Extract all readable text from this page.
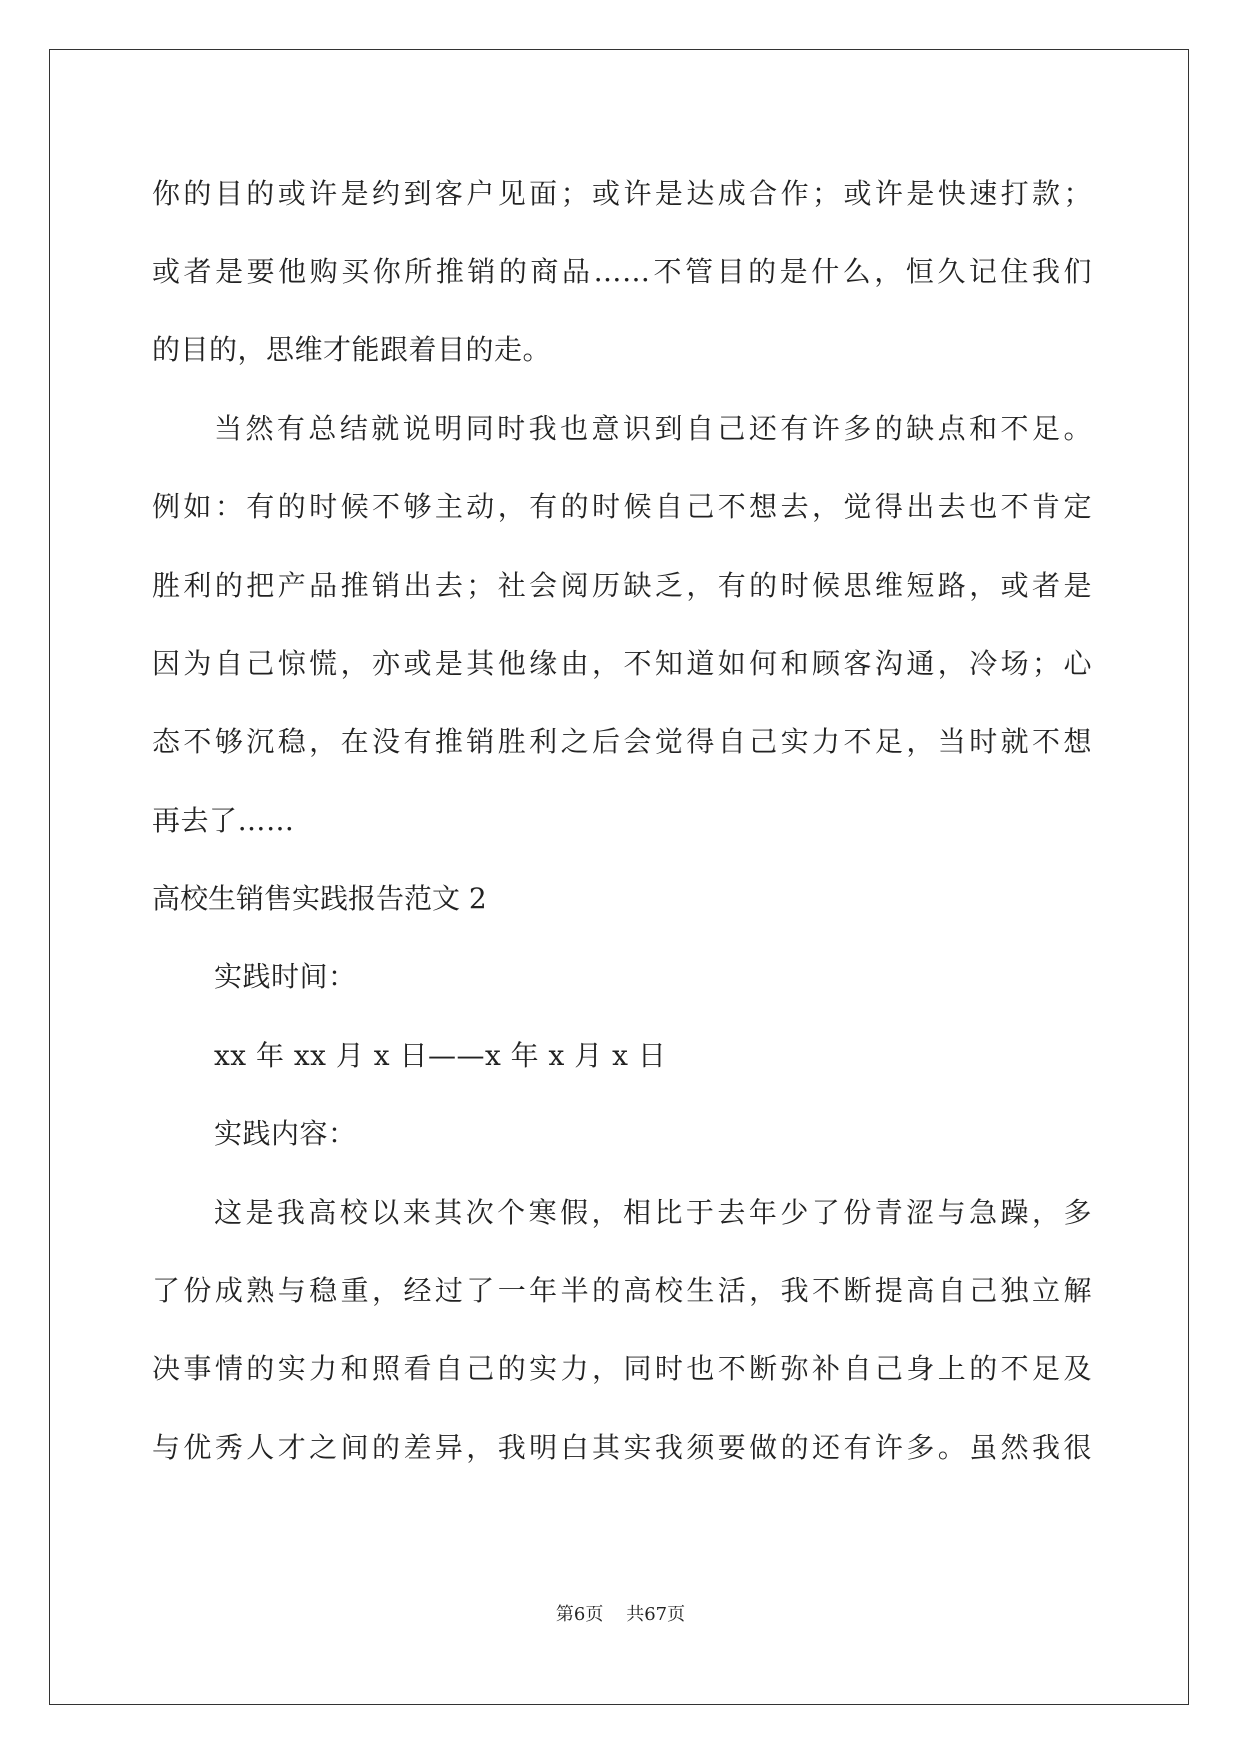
你的目的或许是约到客户见面；或许是达成合作；或许是快速打款；
或者是要他购买你所推销的商品……不管目的是什么，恒久记住我们
的目的，思维才能跟着目的走。
当然有总结就说明同时我也意识到自己还有许多的缺点和不足。
例如：有的时候不够主动，有的时候自己不想去，觉得出去也不肯定
胜利的把产品推销出去；社会阅历缺乏，有的时候思维短路，或者是
因为自己惊慌，亦或是其他缘由，不知道如何和顾客沟通，冷场；心
态不够沉稳，在没有推销胜利之后会觉得自己实力不足，当时就不想
再去了……
高校生销售实践报告范文 2
实践时间：
xx 年 xx 月 x 日——x 年 x 月 x 日
实践内容：
这是我高校以来其次个寒假，相比于去年少了份青涩与急躁，多
了份成熟与稳重，经过了一年半的高校生活，我不断提高自己独立解
决事情的实力和照看自己的实力，同时也不断弥补自己身上的不足及
与优秀人才之间的差异，我明白其实我须要做的还有许多。虽然我很
第6页 共67页
